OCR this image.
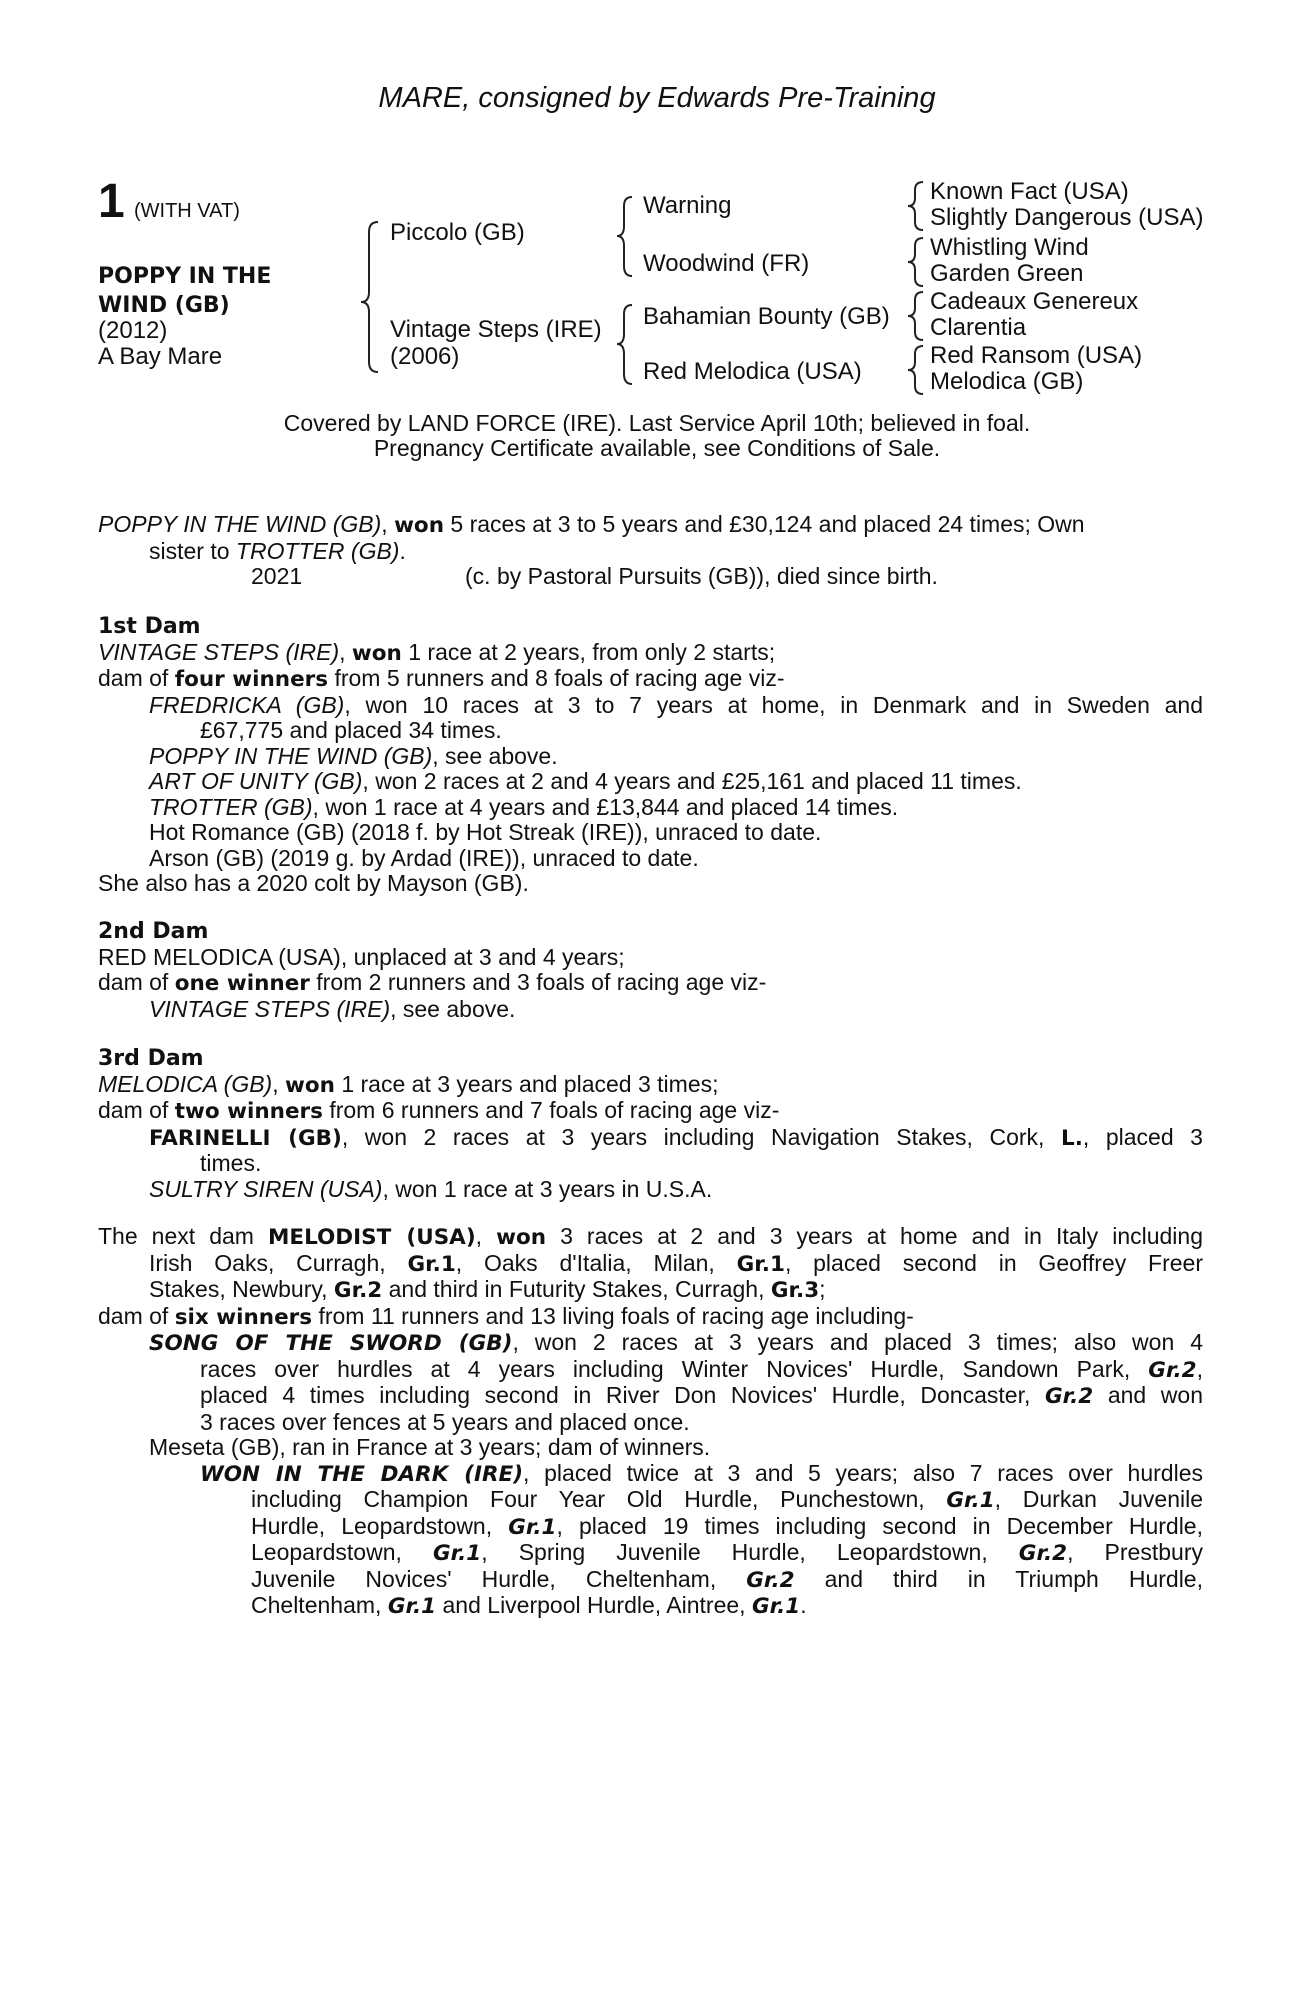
MARE, consigned by Edwards Pre-Training
1 (WITH VAT)
POPPY IN THE
WIND (GB)
(2012)
A Bay Mare
Piccolo (GB)
Vintage Steps (IRE)
(2006)
Warning
Woodwind (FR)
Bahamian Bounty (GB)
Red Melodica (USA)
Known Fact (USA)
Slightly Dangerous (USA)
Whistling Wind
Garden Green
Cadeaux Genereux
Clarentia
Red Ransom (USA)
Melodica (GB)
Covered by LAND FORCE (IRE). Last Service April 10th; believed in foal.
Pregnancy Certificate available, see Conditions of Sale.
POPPY IN THE WIND (GB), won 5 races at 3 to 5 years and £30,124 and placed 24 times; Own
sister to TROTTER (GB).
2021	(c. by Pastoral Pursuits (GB)), died since birth.
1st Dam
VINTAGE STEPS (IRE), won 1 race at 2 years, from only 2 starts;
dam of four winners from 5 runners and 8 foals of racing age viz-
FREDRICKA (GB), won 10 races at 3 to 7 years at home, in Denmark and in Sweden and
£67,775 and placed 34 times.
POPPY IN THE WIND (GB), see above.
ART OF UNITY (GB), won 2 races at 2 and 4 years and £25,161 and placed 11 times.
TROTTER (GB), won 1 race at 4 years and £13,844 and placed 14 times.
Hot Romance (GB) (2018 f. by Hot Streak (IRE)), unraced to date.
Arson (GB) (2019 g. by Ardad (IRE)), unraced to date.
She also has a 2020 colt by Mayson (GB).
2nd Dam
RED MELODICA (USA), unplaced at 3 and 4 years;
dam of one winner from 2 runners and 3 foals of racing age viz-
VINTAGE STEPS (IRE), see above.
3rd Dam
MELODICA (GB), won 1 race at 3 years and placed 3 times;
dam of two winners from 6 runners and 7 foals of racing age viz-
FARINELLI (GB), won 2 races at 3 years including Navigation Stakes, Cork, L., placed 3
times.
SULTRY SIREN (USA), won 1 race at 3 years in U.S.A.
The next dam MELODIST (USA), won 3 races at 2 and 3 years at home and in Italy including
Irish Oaks, Curragh, Gr.1, Oaks d'Italia, Milan, Gr.1, placed second in Geoffrey Freer
Stakes, Newbury, Gr.2 and third in Futurity Stakes, Curragh, Gr.3;
dam of six winners from 11 runners and 13 living foals of racing age including-
SONG OF THE SWORD (GB), won 2 races at 3 years and placed 3 times; also won 4
races over hurdles at 4 years including Winter Novices' Hurdle, Sandown Park, Gr.2,
placed 4 times including second in River Don Novices' Hurdle, Doncaster, Gr.2 and won
3 races over fences at 5 years and placed once.
Meseta (GB), ran in France at 3 years; dam of winners.
WON IN THE DARK (IRE), placed twice at 3 and 5 years; also 7 races over hurdles
including Champion Four Year Old Hurdle, Punchestown, Gr.1, Durkan Juvenile
Hurdle, Leopardstown, Gr.1, placed 19 times including second in December Hurdle,
Leopardstown, Gr.1, Spring Juvenile Hurdle, Leopardstown, Gr.2, Prestbury
Juvenile Novices' Hurdle, Cheltenham, Gr.2 and third in Triumph Hurdle,
Cheltenham, Gr.1 and Liverpool Hurdle, Aintree, Gr.1.
